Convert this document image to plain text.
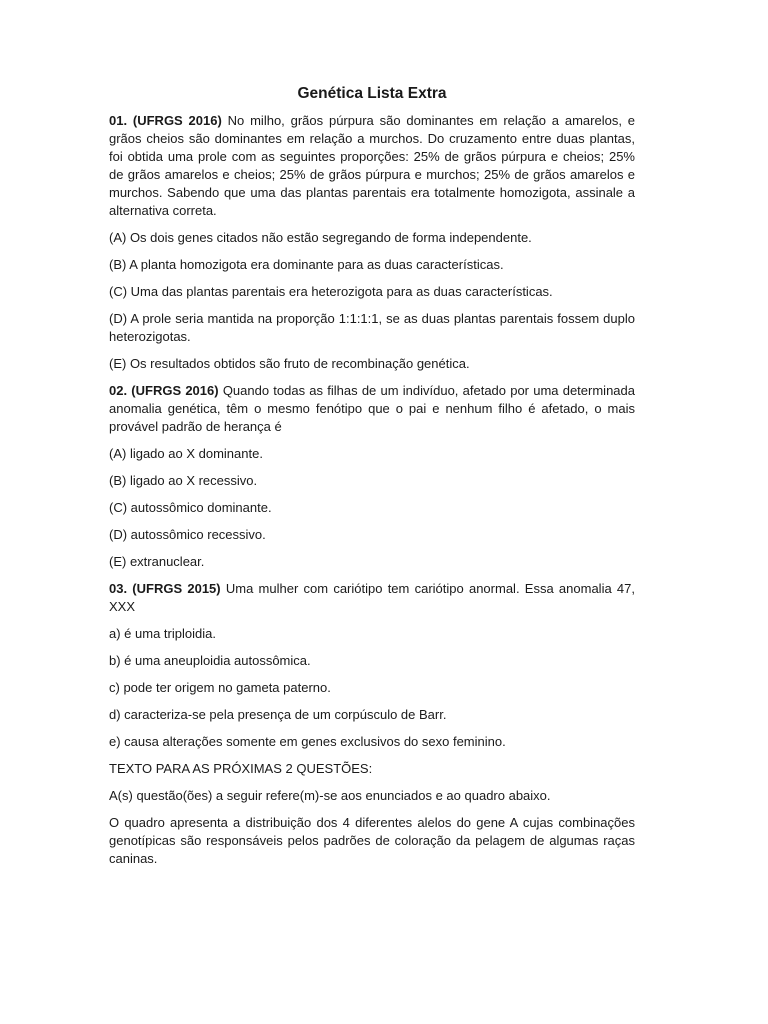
Genética Lista Extra

01. (UFRGS 2016) No milho, grãos púrpura são dominantes em relação a amarelos, e grãos cheios são dominantes em relação a murchos. Do cruzamento entre duas plantas, foi obtida uma prole com as seguintes proporções: 25% de grãos púrpura e cheios; 25% de grãos amarelos e cheios; 25% de grãos púrpura e murchos; 25% de grãos amarelos e murchos. Sabendo que uma das plantas parentais era totalmente homozigota, assinale a alternativa correta.

(A) Os dois genes citados não estão segregando de forma independente.

(B) A planta homozigota era dominante para as duas características.

(C) Uma das plantas parentais era heterozigota para as duas características.

(D) A prole seria mantida na proporção 1:1:1:1, se as duas plantas parentais fossem duplo heterozigotas.

(E) Os resultados obtidos são fruto de recombinação genética.

02. (UFRGS 2016) Quando todas as filhas de um indivíduo, afetado por uma determinada anomalia genética, têm o mesmo fenótipo que o pai e nenhum filho é afetado, o mais provável padrão de herança é

(A) ligado ao X dominante.

(B) ligado ao X recessivo.

(C) autossômico dominante.

(D) autossômico recessivo.

(E) extranuclear.

03. (UFRGS 2015) Uma mulher com cariótipo tem cariótipo anormal. Essa anomalia 47, XXX

a) é uma triploidia.

b) é uma aneuploidia autossômica.

c) pode ter origem no gameta paterno.

d) caracteriza-se pela presença de um corpúsculo de Barr.

e) causa alterações somente em genes exclusivos do sexo feminino.

TEXTO PARA AS PRÓXIMAS 2 QUESTÕES:

A(s) questão(ões) a seguir refere(m)-se aos enunciados e ao quadro abaixo.

O quadro apresenta a distribuição dos 4 diferentes alelos do gene A cujas combinações genotípicas são responsáveis pelos padrões de coloração da pelagem de algumas raças caninas.
